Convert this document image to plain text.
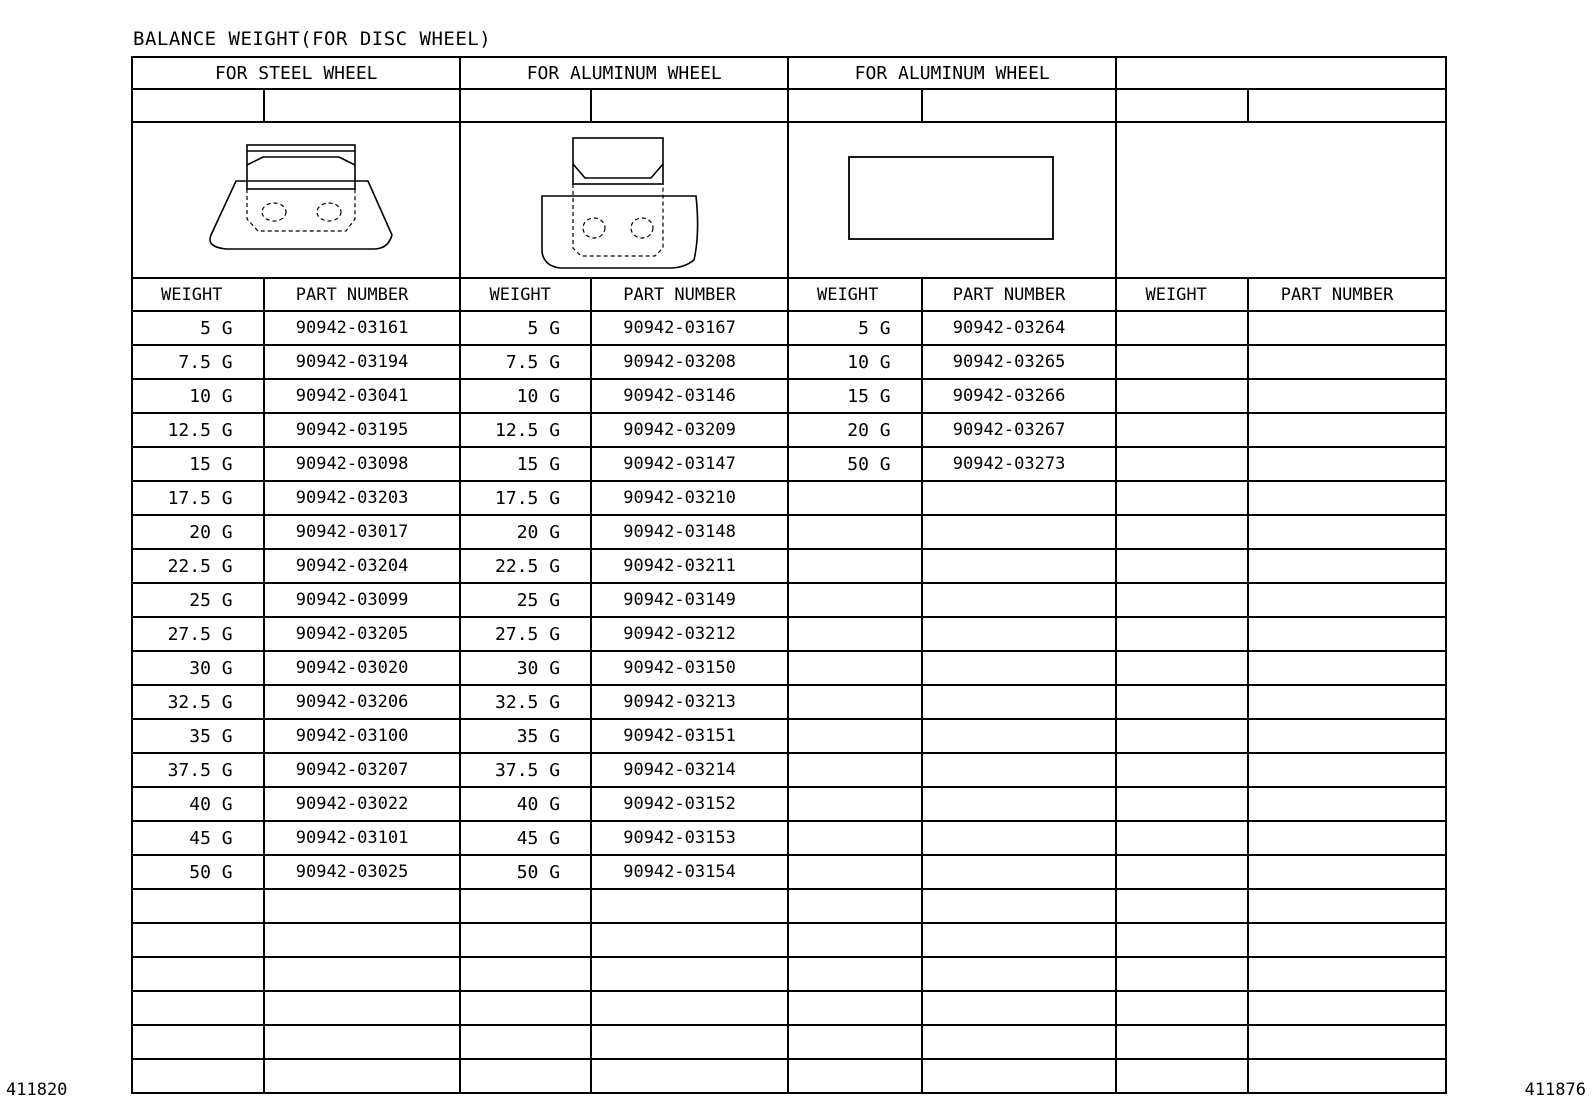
BALANCE WEIGHT(FOR DISC WHEEL)
FOR STEEL WHEEL		FOR ALUMINUM WHEEL		FOR ALUMINUM WHEEL			

WEIGHT	PART NUMBER	WEIGHT	PART NUMBER	WEIGHT	PART NUMBER	WEIGHT	PART NUMBER
5 G	90942-03161	5 G	90942-03167	5 G	90942-03264		
7.5 G	90942-03194	7.5 G	90942-03208	10 G	90942-03265		
10 G	90942-03041	10 G	90942-03146	15 G	90942-03266		
12.5 G	90942-03195	12.5 G	90942-03209	20 G	90942-03267		
15 G	90942-03098	15 G	90942-03147	50 G	90942-03273		
17.5 G	90942-03203	17.5 G	90942-03210				
20 G	90942-03017	20 G	90942-03148				
22.5 G	90942-03204	22.5 G	90942-03211				
25 G	90942-03099	25 G	90942-03149				
27.5 G	90942-03205	27.5 G	90942-03212				
30 G	90942-03020	30 G	90942-03150				
32.5 G	90942-03206	32.5 G	90942-03213				
35 G	90942-03100	35 G	90942-03151				
37.5 G	90942-03207	37.5 G	90942-03214				
40 G	90942-03022	40 G	90942-03152				
45 G	90942-03101	45 G	90942-03153				
50 G	90942-03025	50 G	90942-03154				

411820	411876
